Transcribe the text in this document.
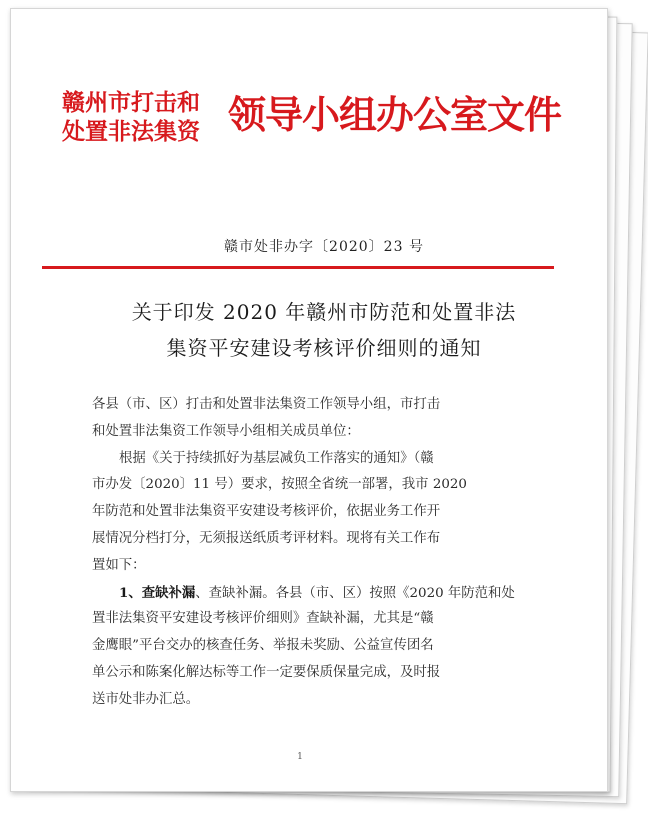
赣州市打击和
处置非法集资 领导小组办公室文件
赣市处非办字〔2020〕23 号
关于印发 2020 年赣州市防范和处置非法
集资平安建设考核评价细则的通知
各县（市、区）打击和处置非法集资工作领导小组，市打击
和处置非法集资工作领导小组相关成员单位：
根据《关于持续抓好为基层减负工作落实的通知》（赣
市办发〔2020〕11 号）要求，按照全省统一部署，我市 2020
年防范和处置非法集资平安建设考核评价，依据业务工作开
展情况分档打分，无须报送纸质考评材料。现将有关工作布
置如下：
1、查缺补漏、查缺补漏。各县（市、区）按照《2020 年防范和处
置非法集资平安建设考核评价细则》查缺补漏，尤其是“赣
金鹰眼”平台交办的核查任务、举报未奖励、公益宣传团名
单公示和陈案化解达标等工作一定要保质保量完成，及时报
送市处非办汇总。
1
